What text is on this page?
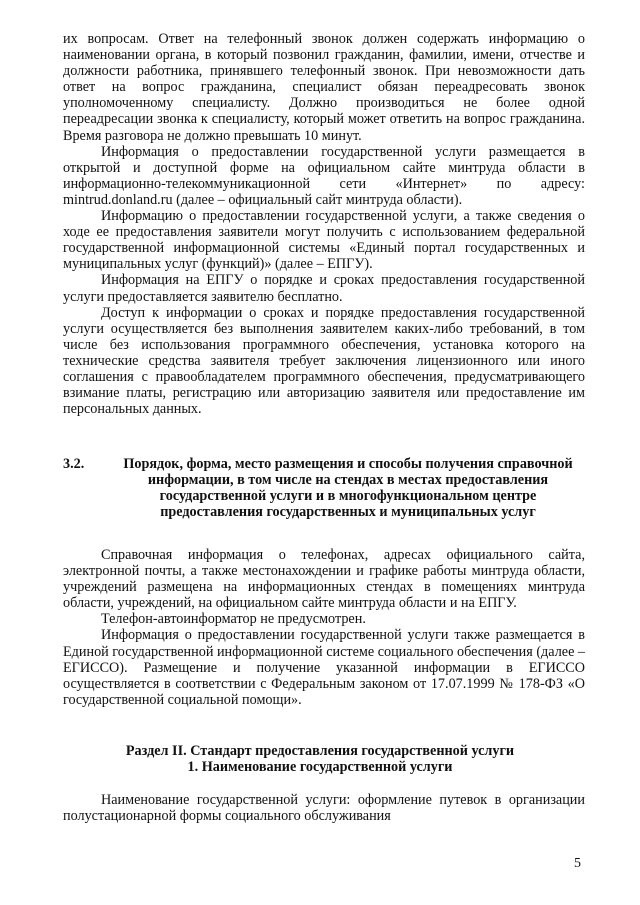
их вопросам. Ответ на телефонный звонок должен содержать информацию о наименовании органа, в который позвонил гражданин, фамилии, имени, отчестве и должности работника, принявшего телефонный звонок. При невозможности дать ответ на вопрос гражданина, специалист обязан переадресовать звонок уполномоченному специалисту. Должно производиться не более одной переадресации звонка к специалисту, который может ответить на вопрос гражданина. Время разговора не должно превышать 10 минут.

Информация о предоставлении государственной услуги размещается в открытой и доступной форме на официальном сайте минтруда области в информационно-телекоммуникационной сети «Интернет» по адресу: mintrud.donland.ru (далее – официальный сайт минтруда области).

Информацию о предоставлении государственной услуги, а также сведения о ходе ее предоставления заявители могут получить с использованием федеральной государственной информационной системы «Единый портал государственных и муниципальных услуг (функций)» (далее – ЕПГУ).

Информация на ЕПГУ о порядке и сроках предоставления государственной услуги предоставляется заявителю бесплатно.

Доступ к информации о сроках и порядке предоставления государственной услуги осуществляется без выполнения заявителем каких-либо требований, в том числе без использования программного обеспечения, установка которого на технические средства заявителя требует заключения лицензионного или иного соглашения с правообладателем программного обеспечения, предусматривающего взимание платы, регистрацию или авторизацию заявителя или предоставление им персональных данных.

3.2.	Порядок, форма, место размещения и способы получения справочной информации, в том числе на стендах в местах предоставления государственной услуги и в многофункциональном центре предоставления государственных и муниципальных услуг

Справочная информация о телефонах, адресах официального сайта, электронной почты, а также местонахождении и графике работы минтруда области, учреждений размещена на информационных стендах в помещениях минтруда области, учреждений, на официальном сайте минтруда области и на ЕПГУ.

Телефон-автоинформатор не предусмотрен.

Информация о предоставлении государственной услуги также размещается в Единой государственной информационной системе социального обеспечения (далее – ЕГИССО). Размещение и получение указанной информации в ЕГИССО осуществляется в соответствии с Федеральным законом от 17.07.1999 № 178-ФЗ «О государственной социальной помощи».

Раздел II. Стандарт предоставления государственной услуги
1. Наименование государственной услуги

Наименование государственной услуги: оформление путевок в организации полустационарной формы социального обслуживания

5
